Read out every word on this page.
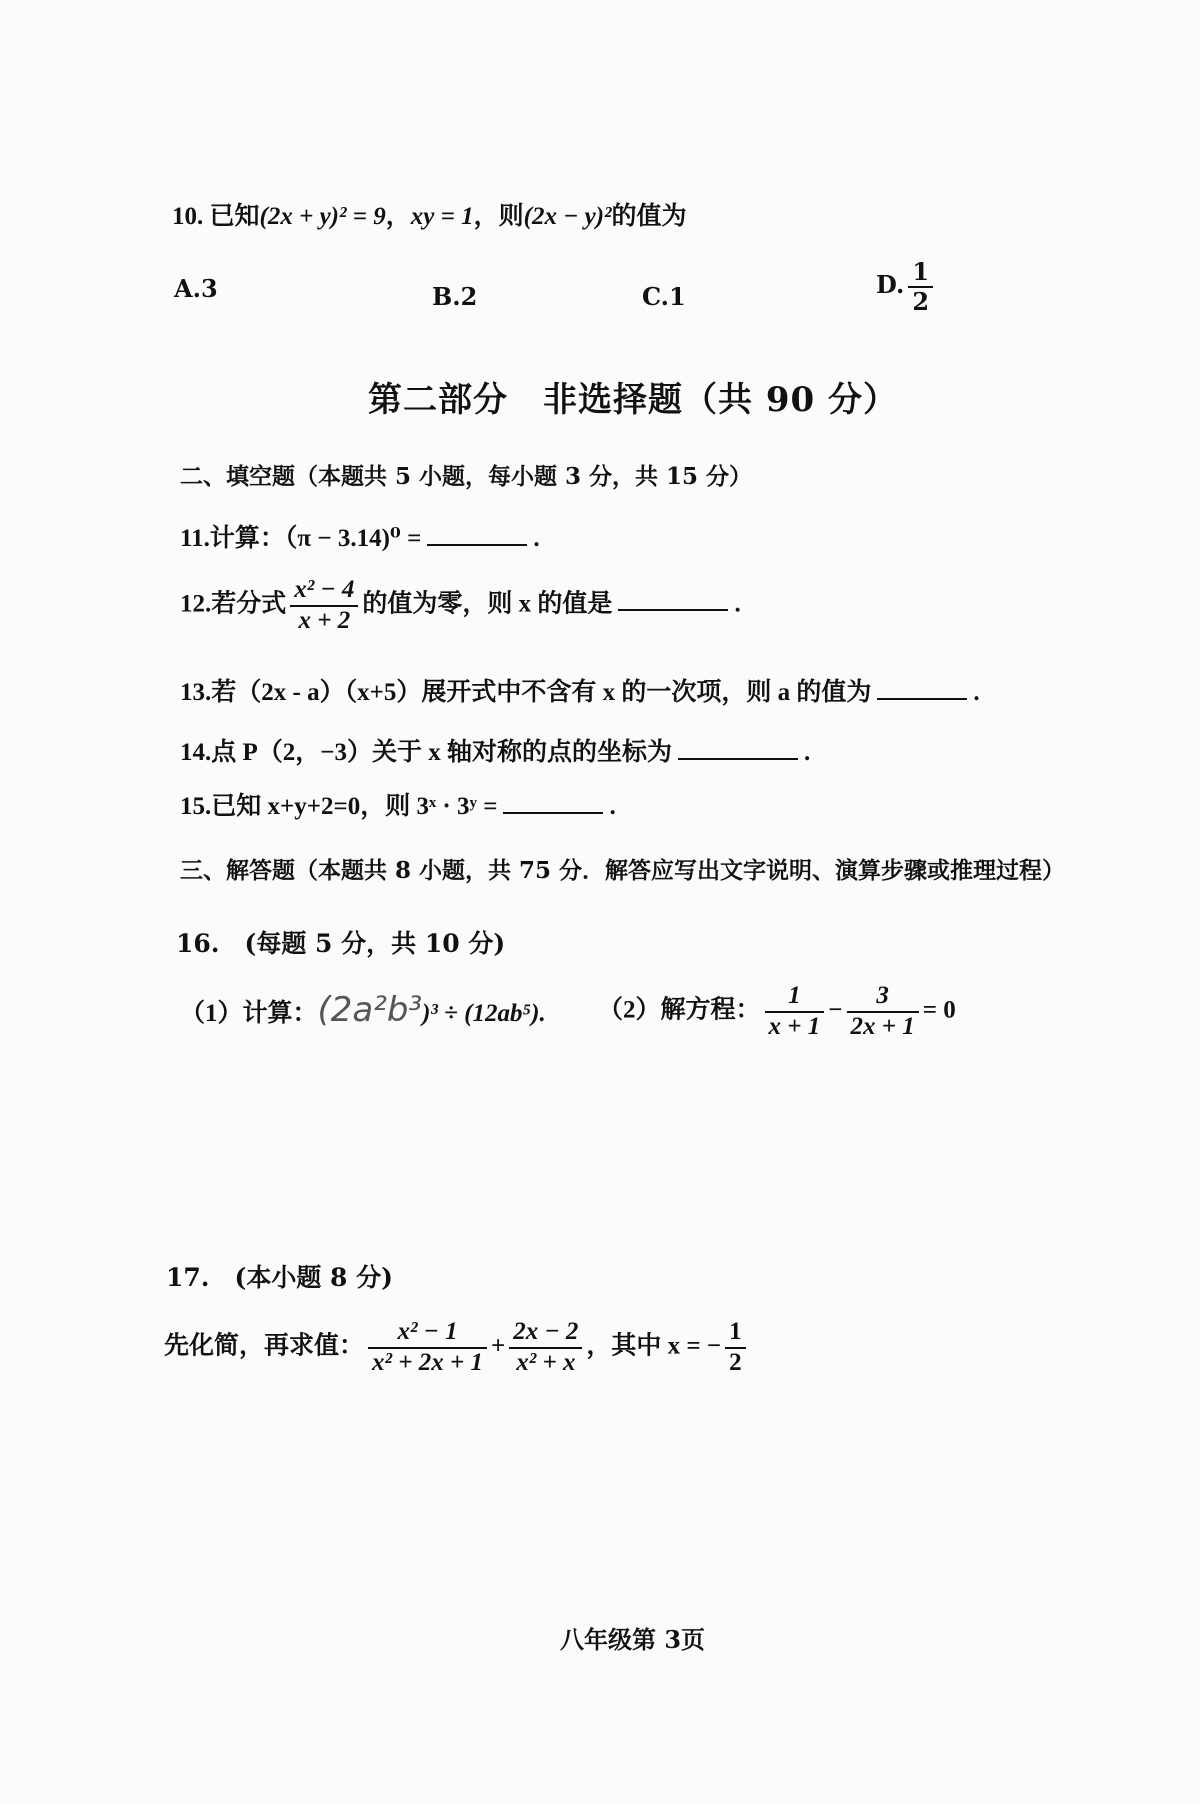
10. 已知(2x + y)² = 9，xy = 1，则(2x − y)²的值为
A.3	B.2	C.1	D. $\frac{1}{2}$
第二部分　非选择题（共 90 分）
二、填空题（本题共 5 小题，每小题 3 分，共 15 分）
11.计算：（π − 3.14)⁰ =	.
12.若分式 $\frac{\text{x² − 4}}{x + 2}$ 的值为零，则 x 的值是	.
13.若（2x - a）（x+5）展开式中不含有 x 的一次项，则 a 的值为	.
14.点 P（2，−3）关于 x 轴对称的点的坐标为	.
15.已知 x+y+2=0，则 3ˣ · 3ʸ =	.
三、解答题（本题共 8 小题，共 75 分．解答应写出文字说明、演算步骤或推理过程）
16.　(每题 5 分，共 10 分)
（1）计算：(2a²b³)³ ÷ (12ab⁵). （2）解方程： $\frac{1}{x + 1} - \frac{3}{2x + 1} = 0$
17.　(本小题 8 分)
先化简，再求值： $\frac{\text{x² − 1}}{\text{x² + 2x + 1}} + \frac{2x - 2}{\text{x² + x}}$ ，其中 x = − $\frac{1}{2}$
八年级第 3页
